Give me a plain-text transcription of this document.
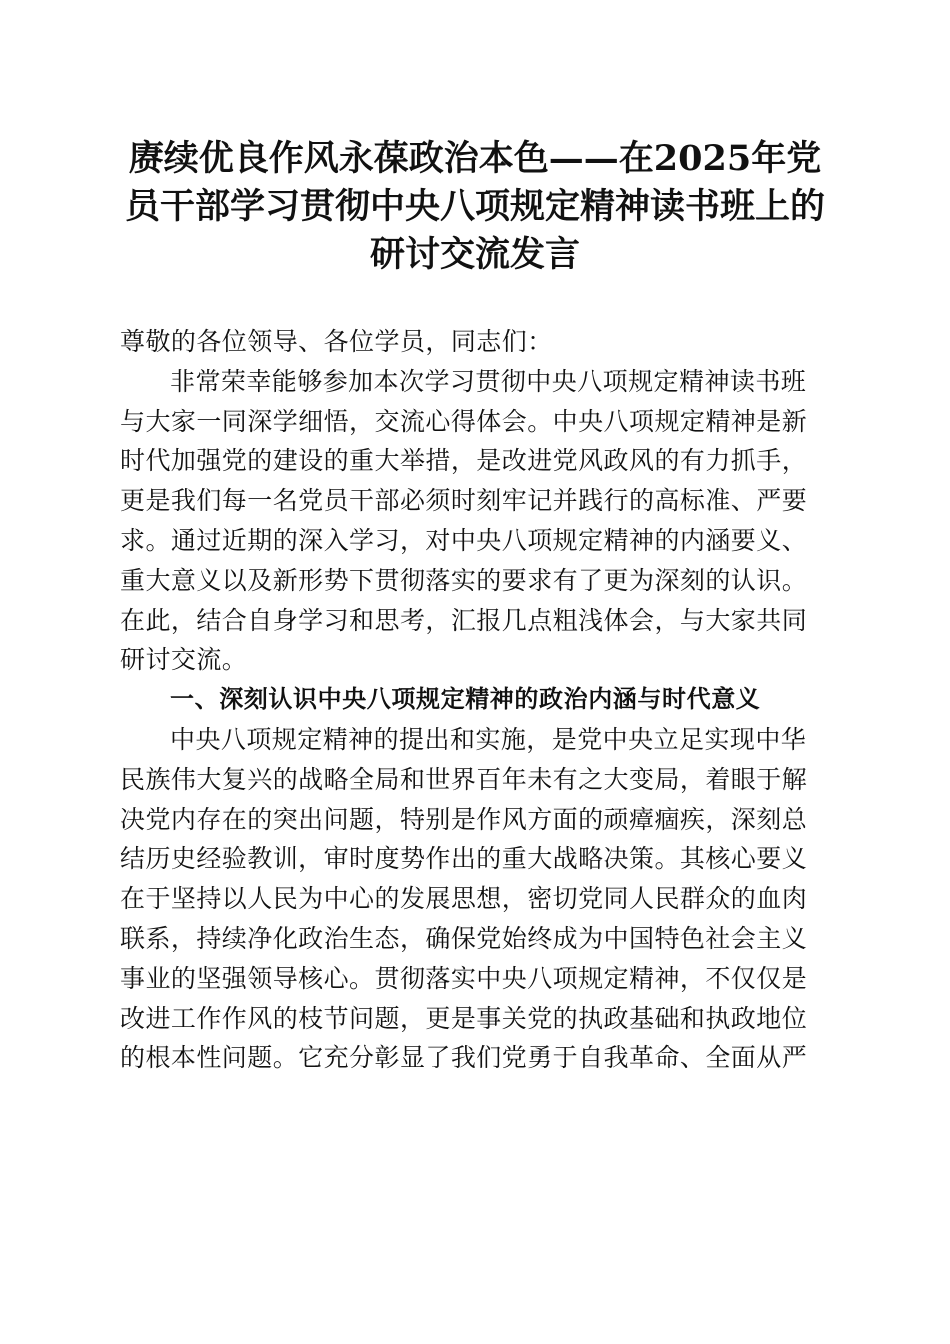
赓续优良作风永葆政治本色——在2025年党
员干部学习贯彻中央八项规定精神读书班上的
研讨交流发言
尊敬的各位领导、各位学员，同志们：
非常荣幸能够参加本次学习贯彻中央八项规定精神读书班
与大家一同深学细悟，交流心得体会。中央八项规定精神是新
时代加强党的建设的重大举措，是改进党风政风的有力抓手，
更是我们每一名党员干部必须时刻牢记并践行的高标准、严要
求。通过近期的深入学习，对中央八项规定精神的内涵要义、
重大意义以及新形势下贯彻落实的要求有了更为深刻的认识。
在此，结合自身学习和思考，汇报几点粗浅体会，与大家共同
研讨交流。
一、深刻认识中央八项规定精神的政治内涵与时代意义
中央八项规定精神的提出和实施，是党中央立足实现中华
民族伟大复兴的战略全局和世界百年未有之大变局，着眼于解
决党内存在的突出问题，特别是作风方面的顽瘴痼疾，深刻总
结历史经验教训，审时度势作出的重大战略决策。其核心要义
在于坚持以人民为中心的发展思想，密切党同人民群众的血肉
联系，持续净化政治生态，确保党始终成为中国特色社会主义
事业的坚强领导核心。贯彻落实中央八项规定精神，不仅仅是
改进工作作风的枝节问题，更是事关党的执政基础和执政地位
的根本性问题。它充分彰显了我们党勇于自我革命、全面从严
